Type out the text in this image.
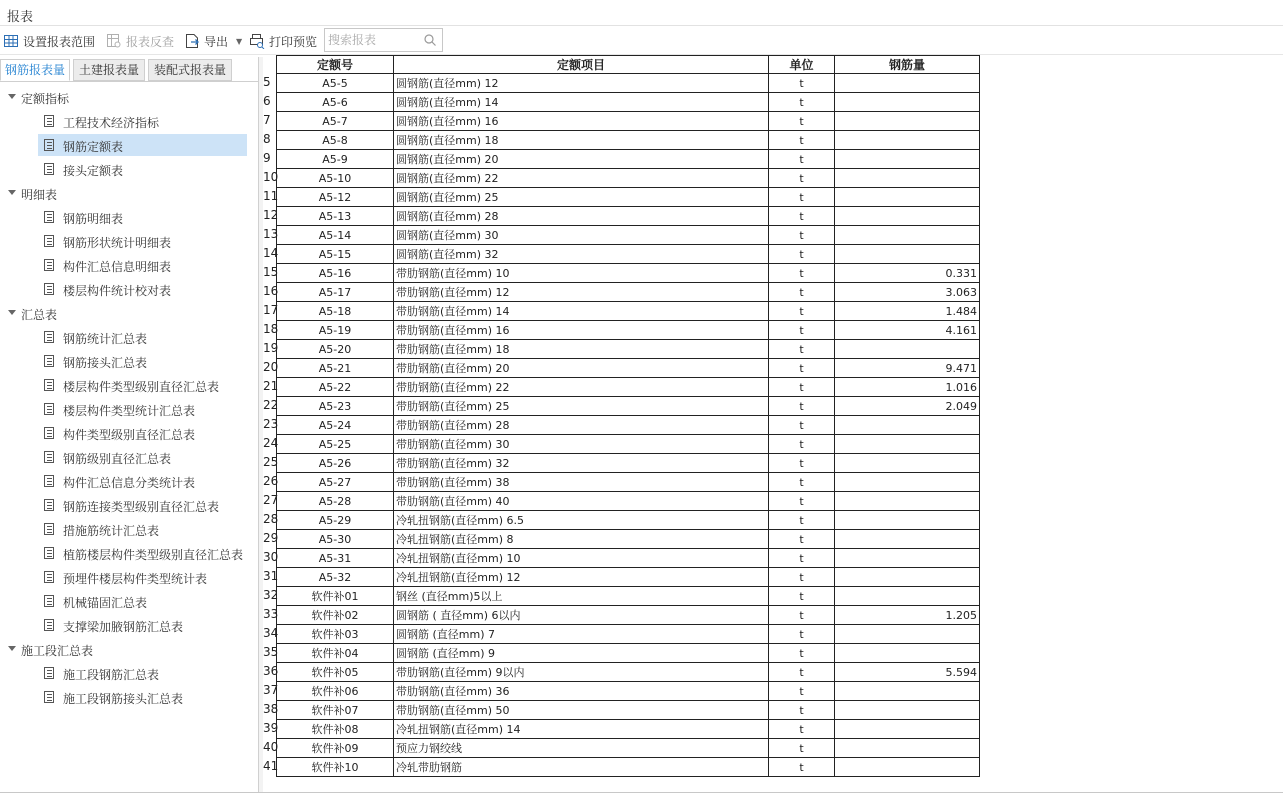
报表
设置报表范围	报表反查 导出 ▼ 打印预览
搜索报表
钢筋报表量	土建报表量	装配式报表量
定额指标
工程技术经济指标
钢筋定额表
接头定额表
明细表
钢筋明细表
钢筋形状统计明细表
构件汇总信息明细表
楼层构件统计校对表
汇总表
钢筋统计汇总表
钢筋接头汇总表
楼层构件类型级别直径汇总表
楼层构件类型统计汇总表
构件类型级别直径汇总表
钢筋级别直径汇总表
构件汇总信息分类统计表
钢筋连接类型级别直径汇总表
措施筋统计汇总表
植筋楼层构件类型级别直径汇总表
预埋件楼层构件类型统计表
机械锚固汇总表
支撑梁加腋钢筋汇总表
施工段汇总表
施工段钢筋汇总表
施工段钢筋接头汇总表
5
6
7
8
9
10
11
12
13
14
15
16
17
18
19
20
21
22
23
24
25
26
27
28
29
30
31
32
33
34
35
36
37
38
39
40
41
定额号	定额项目	单位	钢筋量
A5-5	圆钢筋(直径mm) 12	t	
A5-6	圆钢筋(直径mm) 14	t	
A5-7	圆钢筋(直径mm) 16	t	
A5-8	圆钢筋(直径mm) 18	t	
A5-9	圆钢筋(直径mm) 20	t	
A5-10	圆钢筋(直径mm) 22	t	
A5-12	圆钢筋(直径mm) 25	t	
A5-13	圆钢筋(直径mm) 28	t	
A5-14	圆钢筋(直径mm) 30	t	
A5-15	圆钢筋(直径mm) 32	t	
A5-16	带肋钢筋(直径mm) 10	t	0.331
A5-17	带肋钢筋(直径mm) 12	t	3.063
A5-18	带肋钢筋(直径mm) 14	t	1.484
A5-19	带肋钢筋(直径mm) 16	t	4.161
A5-20	带肋钢筋(直径mm) 18	t	
A5-21	带肋钢筋(直径mm) 20	t	9.471
A5-22	带肋钢筋(直径mm) 22	t	1.016
A5-23	带肋钢筋(直径mm) 25	t	2.049
A5-24	带肋钢筋(直径mm) 28	t	
A5-25	带肋钢筋(直径mm) 30	t	
A5-26	带肋钢筋(直径mm) 32	t	
A5-27	带肋钢筋(直径mm) 38	t	
A5-28	带肋钢筋(直径mm) 40	t	
A5-29	冷轧扭钢筋(直径mm) 6.5	t	
A5-30	冷轧扭钢筋(直径mm) 8	t	
A5-31	冷轧扭钢筋(直径mm) 10	t	
A5-32	冷轧扭钢筋(直径mm) 12	t	
软件补01	钢丝 (直径mm)5以上	t	
软件补02	圆钢筋 ( 直径mm) 6以内	t	1.205
软件补03	圆钢筋 (直径mm) 7	t	
软件补04	圆钢筋 (直径mm) 9	t	
软件补05	带肋钢筋(直径mm) 9以内	t	5.594
软件补06	带肋钢筋(直径mm) 36	t	
软件补07	带肋钢筋(直径mm) 50	t	
软件补08	冷轧扭钢筋(直径mm) 14	t	
软件补09	预应力钢绞线	t	
软件补10	冷轧带肋钢筋	t	
